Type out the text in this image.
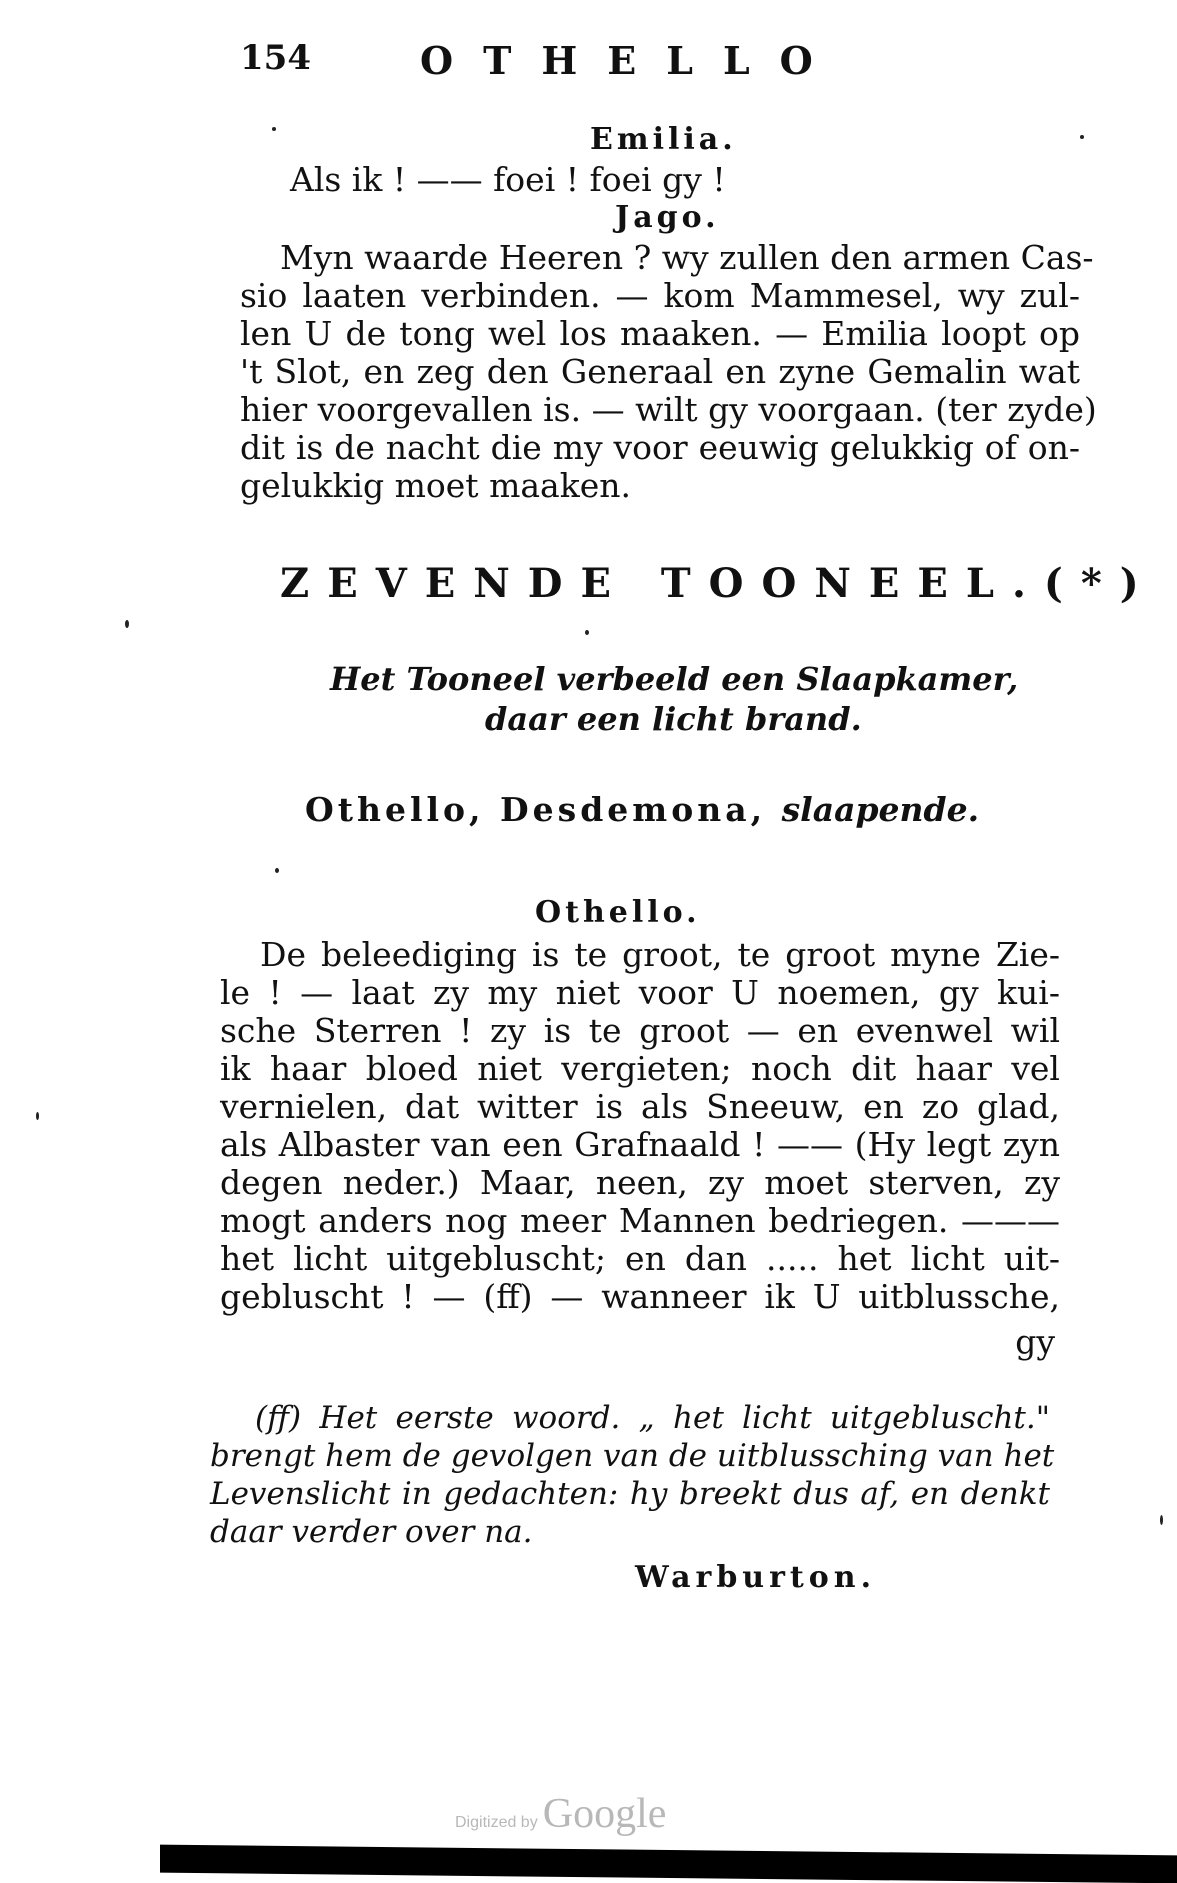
154	OTHELLO
Emilia.
Als ik ! —— foei ! foei gy !
Jago.
Myn waarde Heeren ? wy zullen den armen Cas-
sio laaten verbinden. — kom Mammesel, wy zul-
len U de tong wel los maaken. — Emilia loopt op
't Slot, en zeg den Generaal en zyne Gemalin wat
hier voorgevallen is. — wilt gy voorgaan. (ter zyde)
dit is de nacht die my voor eeuwig gelukkig of on-
gelukkig moet maaken.
ZEVENDE TOONEEL.(*)
Het Tooneel verbeeld een Slaapkamer,
daar een licht brand.
Othello, Desdemona, slaapende.
Othello.
De beleediging is te groot, te groot myne Zie-
le ! — laat zy my niet voor U noemen, gy kui-
sche Sterren ! zy is te groot — en evenwel wil
ik haar bloed niet vergieten; noch dit haar vel
vernielen, dat witter is als Sneeuw, en zo glad,
als Albaster van een Grafnaald ! —— (Hy legt zyn
degen neder.) Maar, neen, zy moet sterven, zy
mogt anders nog meer Mannen bedriegen. ———
het licht uitgebluscht; en dan ..... het licht uit-
gebluscht ! — (ff) — wanneer ik U uitblussche,
gy
(ff) Het eerste woord. „ het licht uitgebluscht."
brengt hem de gevolgen van de uitblussching van het
Levenslicht in gedachten: hy breekt dus af, en denkt
daar verder over na.
Warburton.
Digitized by Google
